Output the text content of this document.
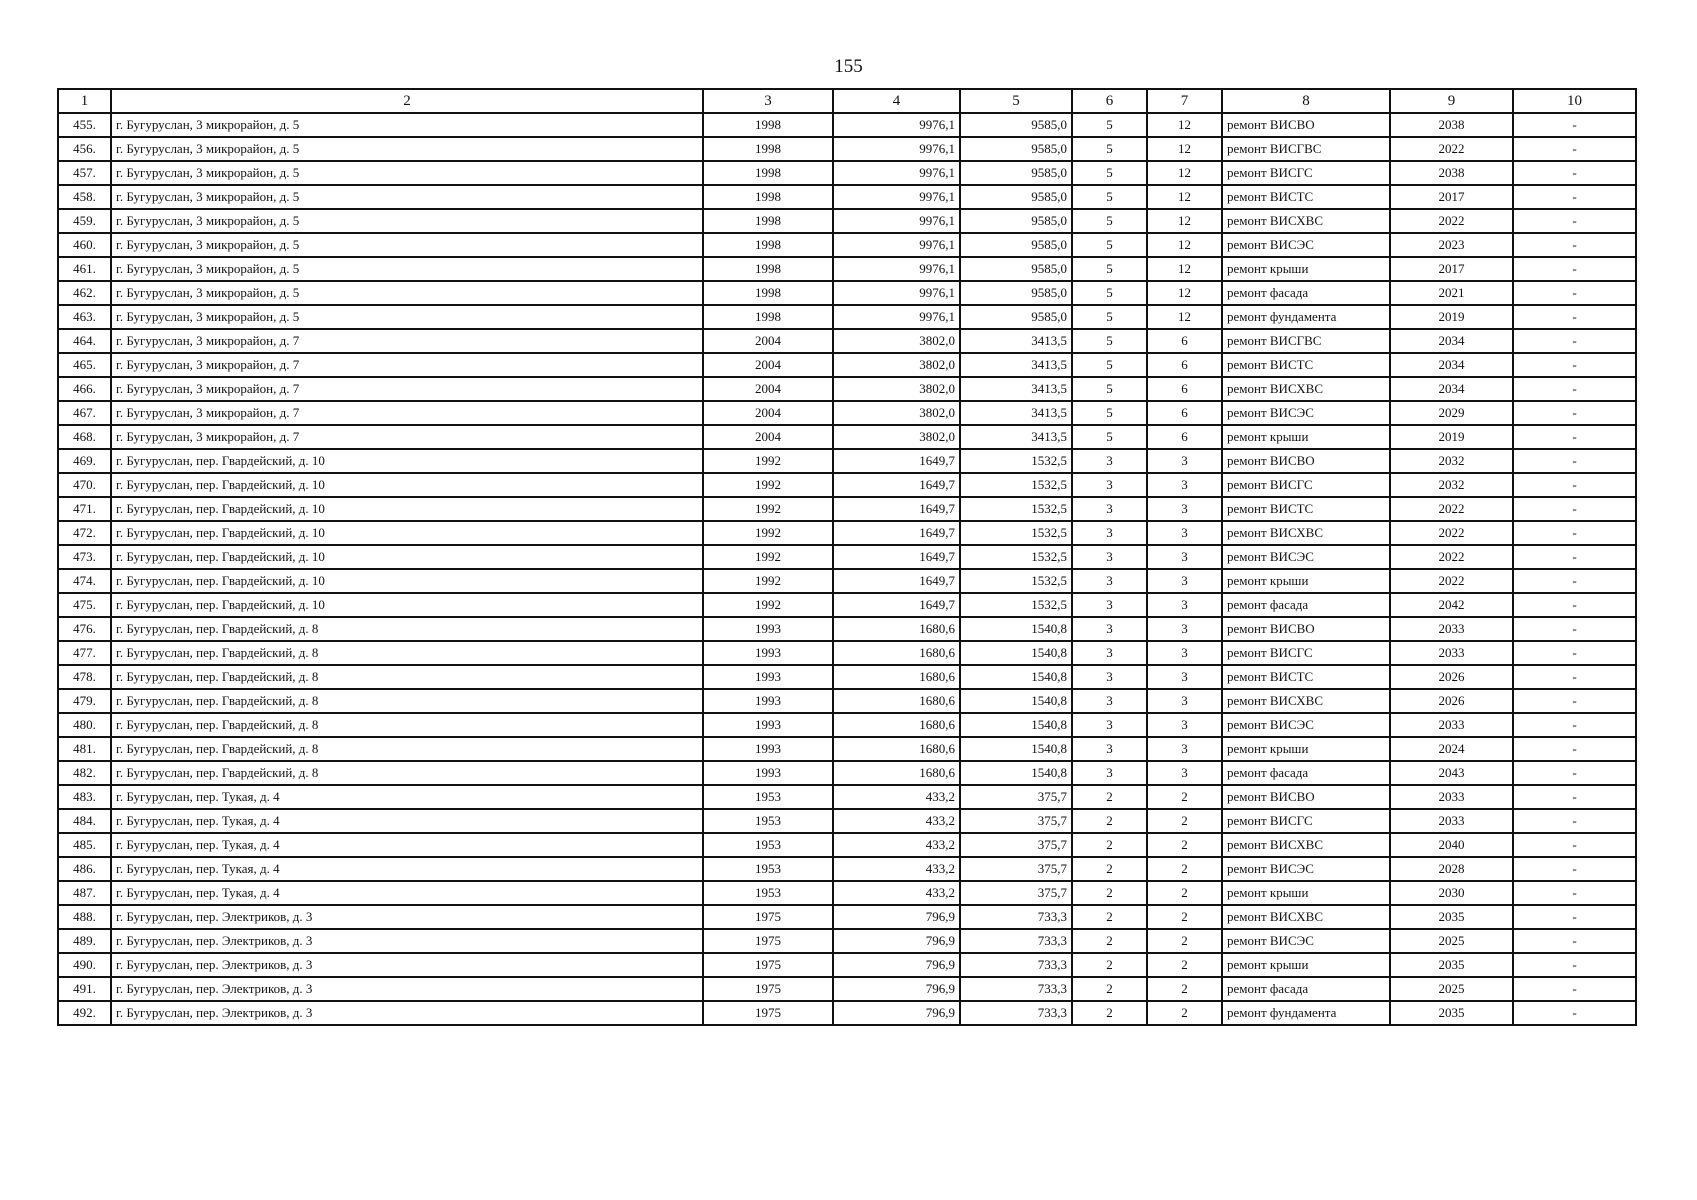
155
1	2	3	4	5	6	7	8	9	10
455.	г. Бугуруслан, 3 микрорайон, д. 5	1998	9976,1	9585,0	5	12	ремонт ВИСВО	2038	-
456.	г. Бугуруслан, 3 микрорайон, д. 5	1998	9976,1	9585,0	5	12	ремонт ВИСГВС	2022	-
457.	г. Бугуруслан, 3 микрорайон, д. 5	1998	9976,1	9585,0	5	12	ремонт ВИСГС	2038	-
458.	г. Бугуруслан, 3 микрорайон, д. 5	1998	9976,1	9585,0	5	12	ремонт ВИСТС	2017	-
459.	г. Бугуруслан, 3 микрорайон, д. 5	1998	9976,1	9585,0	5	12	ремонт ВИСХВС	2022	-
460.	г. Бугуруслан, 3 микрорайон, д. 5	1998	9976,1	9585,0	5	12	ремонт ВИСЭС	2023	-
461.	г. Бугуруслан, 3 микрорайон, д. 5	1998	9976,1	9585,0	5	12	ремонт крыши	2017	-
462.	г. Бугуруслан, 3 микрорайон, д. 5	1998	9976,1	9585,0	5	12	ремонт фасада	2021	-
463.	г. Бугуруслан, 3 микрорайон, д. 5	1998	9976,1	9585,0	5	12	ремонт фундамента	2019	-
464.	г. Бугуруслан, 3 микрорайон, д. 7	2004	3802,0	3413,5	5	6	ремонт ВИСГВС	2034	-
465.	г. Бугуруслан, 3 микрорайон, д. 7	2004	3802,0	3413,5	5	6	ремонт ВИСТС	2034	-
466.	г. Бугуруслан, 3 микрорайон, д. 7	2004	3802,0	3413,5	5	6	ремонт ВИСХВС	2034	-
467.	г. Бугуруслан, 3 микрорайон, д. 7	2004	3802,0	3413,5	5	6	ремонт ВИСЭС	2029	-
468.	г. Бугуруслан, 3 микрорайон, д. 7	2004	3802,0	3413,5	5	6	ремонт крыши	2019	-
469.	г. Бугуруслан, пер. Гвардейский, д. 10	1992	1649,7	1532,5	3	3	ремонт ВИСВО	2032	-
470.	г. Бугуруслан, пер. Гвардейский, д. 10	1992	1649,7	1532,5	3	3	ремонт ВИСГС	2032	-
471.	г. Бугуруслан, пер. Гвардейский, д. 10	1992	1649,7	1532,5	3	3	ремонт ВИСТС	2022	-
472.	г. Бугуруслан, пер. Гвардейский, д. 10	1992	1649,7	1532,5	3	3	ремонт ВИСХВС	2022	-
473.	г. Бугуруслан, пер. Гвардейский, д. 10	1992	1649,7	1532,5	3	3	ремонт ВИСЭС	2022	-
474.	г. Бугуруслан, пер. Гвардейский, д. 10	1992	1649,7	1532,5	3	3	ремонт крыши	2022	-
475.	г. Бугуруслан, пер. Гвардейский, д. 10	1992	1649,7	1532,5	3	3	ремонт фасада	2042	-
476.	г. Бугуруслан, пер. Гвардейский, д. 8	1993	1680,6	1540,8	3	3	ремонт ВИСВО	2033	-
477.	г. Бугуруслан, пер. Гвардейский, д. 8	1993	1680,6	1540,8	3	3	ремонт ВИСГС	2033	-
478.	г. Бугуруслан, пер. Гвардейский, д. 8	1993	1680,6	1540,8	3	3	ремонт ВИСТС	2026	-
479.	г. Бугуруслан, пер. Гвардейский, д. 8	1993	1680,6	1540,8	3	3	ремонт ВИСХВС	2026	-
480.	г. Бугуруслан, пер. Гвардейский, д. 8	1993	1680,6	1540,8	3	3	ремонт ВИСЭС	2033	-
481.	г. Бугуруслан, пер. Гвардейский, д. 8	1993	1680,6	1540,8	3	3	ремонт крыши	2024	-
482.	г. Бугуруслан, пер. Гвардейский, д. 8	1993	1680,6	1540,8	3	3	ремонт фасада	2043	-
483.	г. Бугуруслан, пер. Тукая, д. 4	1953	433,2	375,7	2	2	ремонт ВИСВО	2033	-
484.	г. Бугуруслан, пер. Тукая, д. 4	1953	433,2	375,7	2	2	ремонт ВИСГС	2033	-
485.	г. Бугуруслан, пер. Тукая, д. 4	1953	433,2	375,7	2	2	ремонт ВИСХВС	2040	-
486.	г. Бугуруслан, пер. Тукая, д. 4	1953	433,2	375,7	2	2	ремонт ВИСЭС	2028	-
487.	г. Бугуруслан, пер. Тукая, д. 4	1953	433,2	375,7	2	2	ремонт крыши	2030	-
488.	г. Бугуруслан, пер. Электриков, д. 3	1975	796,9	733,3	2	2	ремонт ВИСХВС	2035	-
489.	г. Бугуруслан, пер. Электриков, д. 3	1975	796,9	733,3	2	2	ремонт ВИСЭС	2025	-
490.	г. Бугуруслан, пер. Электриков, д. 3	1975	796,9	733,3	2	2	ремонт крыши	2035	-
491.	г. Бугуруслан, пер. Электриков, д. 3	1975	796,9	733,3	2	2	ремонт фасада	2025	-
492.	г. Бугуруслан, пер. Электриков, д. 3	1975	796,9	733,3	2	2	ремонт фундамента	2035	-
